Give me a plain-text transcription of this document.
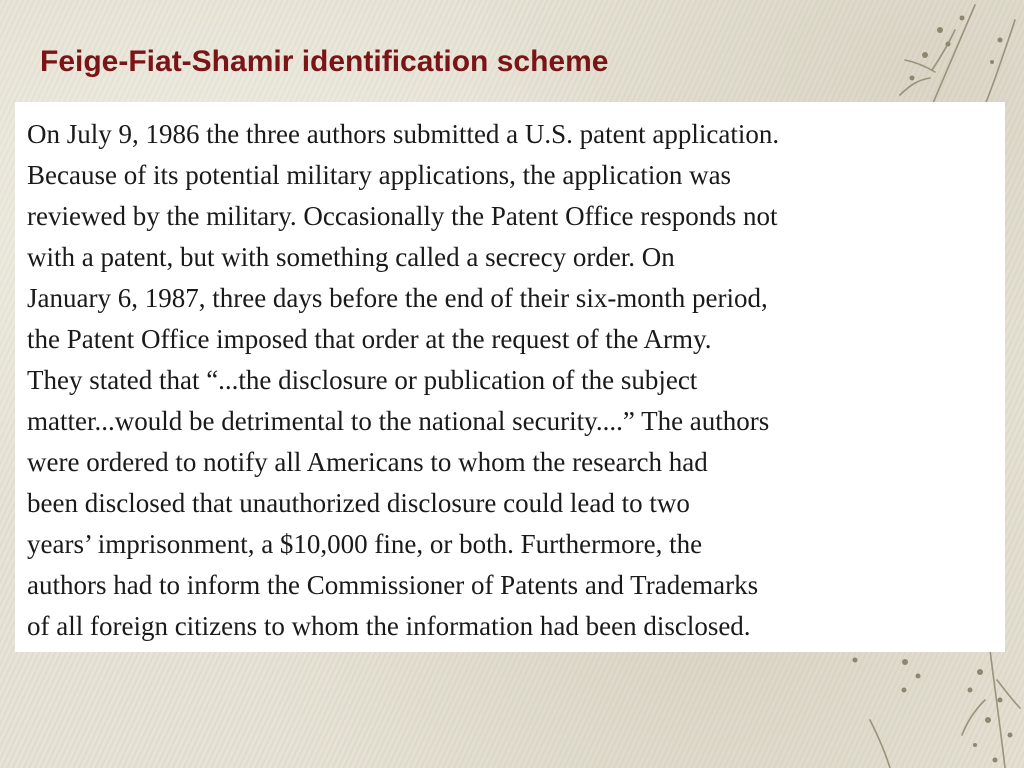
Feige-Fiat-Shamir identification scheme

On July 9, 1986 the three authors submitted a U.S. patent application.
Because of its potential military applications, the application was
reviewed by the military. Occasionally the Patent Office responds not
with a patent, but with something called a secrecy order. On
January 6, 1987, three days before the end of their six-month period,
the Patent Office imposed that order at the request of the Army.
They stated that “...the disclosure or publication of the subject
matter...would be detrimental to the national security....” The authors
were ordered to notify all Americans to whom the research had
been disclosed that unauthorized disclosure could lead to two
years’ imprisonment, a $10,000 fine, or both. Furthermore, the
authors had to inform the Commissioner of Patents and Trademarks
of all foreign citizens to whom the information had been disclosed.
